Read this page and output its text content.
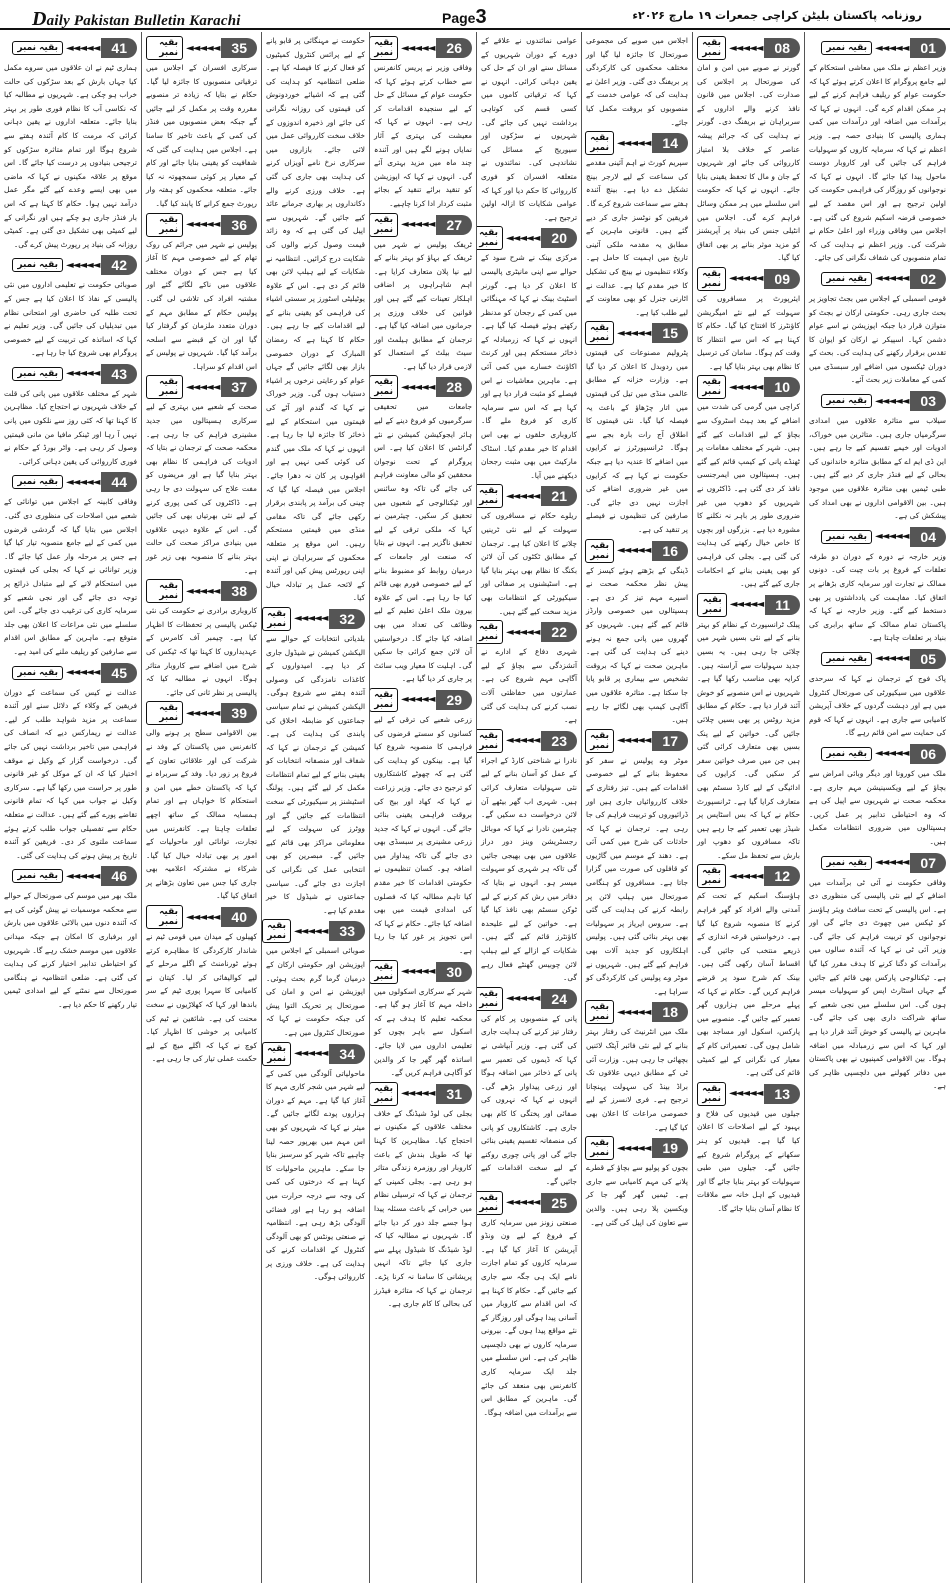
Daily Pakistan Bulletin Karachi	Page3	روزنامہ پاکستان بلیٹن کراچی جمعرات ۱۹ مارچ ۲۰۲۶ء
بقیہ نمبر ◄◄◄◄◄ 41

ہماری ٹیم نے ان علاقوں میں سروے مکمل کیا جہاں بارش کے بعد سڑکوں کی حالت خراب ہو چکی ہے۔ شہریوں نے مطالبہ کیا کہ نکاسی آب کا نظام فوری طور پر بہتر بنایا جائے۔ متعلقہ اداروں نے یقین دہانی کرائی کہ مرمت کا کام آئندہ ہفتے سے شروع ہوگا اور تمام متاثرہ سڑکوں کو ترجیحی بنیادوں پر درست کیا جائے گا۔ اس موقع پر علاقہ مکینوں نے کہا کہ ماضی میں بھی ایسے وعدے کیے گئے مگر عمل درآمد نہیں ہوا۔ حکام کا کہنا ہے کہ اس بار فنڈز جاری ہو چکے ہیں اور نگرانی کے لیے کمیٹی بھی تشکیل دی گئی ہے۔ کمیٹی روزانہ کی بنیاد پر رپورٹ پیش کرے گی۔

بقیہ نمبر ◄◄◄◄◄ 42

صوبائی حکومت نے تعلیمی اداروں میں نئی پالیسی کے نفاذ کا اعلان کیا ہے جس کے تحت طلبہ کی حاضری اور امتحانی نظام میں تبدیلیاں کی جائیں گی۔ وزیر تعلیم نے کہا کہ اساتذہ کی تربیت کے لیے خصوصی پروگرام بھی شروع کیا جا رہا ہے۔

بقیہ نمبر ◄◄◄◄◄ 43

شہر کے مختلف علاقوں میں پانی کی قلت کے خلاف شہریوں نے احتجاج کیا۔ مظاہرین کا کہنا تھا کہ کئی روز سے نلکوں میں پانی نہیں آ رہا اور ٹینکر مافیا من مانی قیمتیں وصول کر رہی ہے۔ واٹر بورڈ کے حکام نے فوری کارروائی کی یقین دہانی کرائی۔

بقیہ نمبر ◄◄◄◄◄ 44

وفاقی کابینہ کے اجلاس میں توانائی کے شعبے میں اصلاحات کی منظوری دی گئی۔ اجلاس میں بتایا گیا کہ گردشی قرضوں میں کمی کے لیے جامع منصوبہ تیار کیا گیا ہے جس پر مرحلہ وار عمل کیا جائے گا۔ وزیر توانائی نے کہا کہ بجلی کی قیمتوں میں استحکام لانے کے لیے متبادل ذرائع پر توجہ دی جائے گی اور نجی شعبے کو سرمایہ کاری کی ترغیب دی جائے گی۔ اس سلسلے میں نئی مراعات کا اعلان بھی جلد متوقع ہے۔ ماہرین کے مطابق اس اقدام سے صارفین کو ریلیف ملنے کی امید ہے۔

بقیہ نمبر ◄◄◄◄◄ 45

عدالت نے کیس کی سماعت کے دوران فریقین کے وکلاء کے دلائل سنے اور آئندہ سماعت پر مزید شواہد طلب کر لیے۔ عدالت نے ریمارکس دیے کہ انصاف کی فراہمی میں تاخیر برداشت نہیں کی جائے گی۔ درخواست گزار کے وکیل نے موقف اختیار کیا کہ ان کے موکل کو غیر قانونی طور پر حراست میں رکھا گیا ہے۔ سرکاری وکیل نے جواب میں کہا کہ تمام قانونی تقاضے پورے کیے گئے ہیں۔ عدالت نے متعلقہ حکام سے تفصیلی جواب طلب کرتے ہوئے سماعت ملتوی کر دی۔ فریقین کو آئندہ تاریخ پر پیش ہونے کی ہدایت کی گئی۔

بقیہ نمبر ◄◄◄◄◄ 46

ملک بھر میں موسم کی صورتحال کے حوالے سے محکمہ موسمیات نے پیش گوئی کی ہے کہ آئندہ دنوں میں بالائی علاقوں میں بارش اور برفباری کا امکان ہے جبکہ میدانی علاقوں میں موسم خشک رہے گا۔ شہریوں کو احتیاطی تدابیر اختیار کرنے کی ہدایت کی گئی ہے۔ ضلعی انتظامیہ نے ہنگامی صورتحال سے نمٹنے کے لیے امدادی ٹیمیں تیار رکھنے کا حکم دیا ہے۔

بقیہ نمبر ◄◄◄◄◄ 35

سرکاری افسران کے اجلاس میں ترقیاتی منصوبوں کا جائزہ لیا گیا۔ حکام نے بتایا کہ زیادہ تر منصوبے مقررہ وقت پر مکمل کر لیے جائیں گے جبکہ بعض منصوبوں میں فنڈز کی کمی کے باعث تاخیر کا سامنا ہے۔ اجلاس میں ہدایت کی گئی کہ شفافیت کو یقینی بنایا جائے اور کام کے معیار پر کوئی سمجھوتہ نہ کیا جائے۔ متعلقہ محکموں کو ہفتہ وار رپورٹ جمع کرانے کا پابند کیا گیا۔

بقیہ نمبر ◄◄◄◄◄ 36

پولیس نے شہر میں جرائم کی روک تھام کے لیے خصوصی مہم کا آغاز کیا ہے جس کے دوران مختلف علاقوں میں ناکے لگائے گئے اور مشتبہ افراد کی تلاشی لی گئی۔ پولیس حکام کے مطابق مہم کے دوران متعدد ملزمان کو گرفتار کیا گیا اور ان کے قبضے سے اسلحہ برآمد کیا گیا۔ شہریوں نے پولیس کے اس اقدام کو سراہا۔

بقیہ نمبر ◄◄◄◄◄ 37

صحت کے شعبے میں بہتری کے لیے سرکاری ہسپتالوں میں جدید مشینری فراہم کی جا رہی ہے۔ محکمہ صحت کے ترجمان نے بتایا کہ ادویات کی فراہمی کا نظام بھی بہتر بنایا گیا ہے اور مریضوں کو مفت علاج کی سہولت دی جا رہی ہے۔ ڈاکٹروں کی کمی پوری کرنے کے لیے نئی بھرتیاں بھی کی جائیں گی۔ اس کے علاوہ دیہی علاقوں میں بنیادی مراکز صحت کی حالت بہتر بنانے کا منصوبہ بھی زیر غور ہے۔

بقیہ نمبر ◄◄◄◄◄ 38

کاروباری برادری نے حکومت کی نئی ٹیکس پالیسی پر تحفظات کا اظہار کیا ہے۔ چیمبر آف کامرس کے عہدیداروں کا کہنا تھا کہ ٹیکس کی شرح میں اضافے سے کاروبار متاثر ہوگا۔ انہوں نے مطالبہ کیا کہ پالیسی پر نظر ثانی کی جائے۔

بقیہ نمبر ◄◄◄◄◄ 39

بین الاقوامی سطح پر ہونے والی کانفرنس میں پاکستان کے وفد نے شرکت کی اور علاقائی تعاون کے فروغ پر زور دیا۔ وفد کے سربراہ نے کہا کہ پاکستان خطے میں امن و استحکام کا خواہاں ہے اور تمام ہمسایہ ممالک کے ساتھ اچھے تعلقات چاہتا ہے۔ کانفرنس میں تجارت، توانائی اور ماحولیات کے امور پر بھی تبادلہ خیال کیا گیا۔ شرکاء نے مشترکہ اعلامیہ بھی جاری کیا جس میں تعاون بڑھانے پر اتفاق کیا گیا۔

بقیہ نمبر ◄◄◄◄◄ 40

کھیلوں کے میدان میں قومی ٹیم نے شاندار کارکردگی کا مظاہرہ کرتے ہوئے ٹورنامنٹ کے اگلے مرحلے کے لیے کوالیفائی کر لیا۔ کپتان نے کامیابی کا سہرا پوری ٹیم کے سر باندھا اور کہا کہ کھلاڑیوں نے سخت محنت کی ہے۔ شائقین نے ٹیم کی کامیابی پر خوشی کا اظہار کیا۔ کوچ نے کہا کہ اگلے میچ کے لیے حکمت عملی تیار کی جا رہی ہے۔

حکومت نے مہنگائی پر قابو پانے کے لیے پرائس کنٹرول کمیٹیوں کو فعال کرنے کا فیصلہ کیا ہے۔ ضلعی انتظامیہ کو ہدایت کی گئی ہے کہ اشیائے خوردونوش کی قیمتوں کی روزانہ نگرانی کی جائے اور ذخیرہ اندوزوں کے خلاف سخت کارروائی عمل میں لائی جائے۔ بازاروں میں سرکاری نرخ نامے آویزاں کرنے کی ہدایت بھی جاری کی گئی ہے۔ خلاف ورزی کرنے والے دکانداروں پر بھاری جرمانے عائد کیے جائیں گے۔ شہریوں سے اپیل کی گئی ہے کہ وہ زائد قیمت وصول کرنے والوں کی شکایت درج کرائیں۔ انتظامیہ نے شکایات کے لیے ہیلپ لائن بھی قائم کر دی ہے۔ اس کے علاوہ یوٹیلیٹی اسٹورز پر سستی اشیاء کی فراہمی کو یقینی بنانے کے لیے اقدامات کیے جا رہے ہیں۔ حکام کا کہنا ہے کہ رمضان المبارک کے دوران خصوصی بازار بھی لگائے جائیں گے جہاں عوام کو رعایتی نرخوں پر اشیاء دستیاب ہوں گی۔ وزیر خوراک نے کہا کہ گندم اور آٹے کی قیمتوں میں استحکام کے لیے ذخائر کا جائزہ لیا جا رہا ہے۔ انہوں نے کہا کہ ملک میں گندم کی کوئی کمی نہیں ہے اور افواہوں پر کان نہ دھرا جائے۔ اجلاس میں فیصلہ کیا گیا کہ چینی کی برآمد پر پابندی برقرار رکھی جائے گی تاکہ مقامی منڈی میں قیمتیں مستحکم رہیں۔ اس موقع پر متعلقہ محکموں کے سربراہان نے اپنی اپنی رپورٹس پیش کیں اور آئندہ کے لائحہ عمل پر تبادلہ خیال کیا۔

بقیہ نمبر ◄◄◄◄◄ 32

بلدیاتی انتخابات کے حوالے سے الیکشن کمیشن نے شیڈول جاری کر دیا ہے۔ امیدواروں کے کاغذات نامزدگی کی وصولی آئندہ ہفتے سے شروع ہوگی۔ الیکشن کمیشن نے تمام سیاسی جماعتوں کو ضابطہ اخلاق کی پابندی کی ہدایت کی ہے۔ کمیشن کے ترجمان نے کہا کہ شفاف اور منصفانہ انتخابات کو یقینی بنانے کے لیے تمام انتظامات مکمل کر لیے گئے ہیں۔ پولنگ اسٹیشنز پر سیکیورٹی کے سخت انتظامات کیے جائیں گے اور ووٹرز کی سہولت کے لیے معلوماتی مراکز بھی قائم کیے جائیں گے۔ مبصرین کو بھی انتخابی عمل کی نگرانی کی اجازت دی جائے گی۔ سیاسی جماعتوں نے شیڈول کا خیر مقدم کیا ہے۔

بقیہ نمبر ◄◄◄◄◄ 33

صوبائی اسمبلی کے اجلاس میں اپوزیشن اور حکومتی ارکان کے درمیان گرما گرم بحث ہوئی۔ اپوزیشن نے امن و امان کی صورتحال پر تحریک التوا پیش کی جبکہ حکومت نے کہا کہ صورتحال کنٹرول میں ہے۔

بقیہ نمبر ◄◄◄◄◄ 34

ماحولیاتی آلودگی میں کمی کے لیے شہر میں شجر کاری مہم کا آغاز کیا گیا ہے۔ مہم کے دوران ہزاروں پودے لگائے جائیں گے۔ میئر نے کہا کہ شہریوں کو بھی اس مہم میں بھرپور حصہ لینا چاہیے تاکہ شہر کو سرسبز بنایا جا سکے۔ ماہرین ماحولیات کا کہنا ہے کہ درختوں کی کمی کی وجہ سے درجہ حرارت میں اضافہ ہو رہا ہے اور فضائی آلودگی بڑھ رہی ہے۔ انتظامیہ نے صنعتی یونٹس کو بھی آلودگی کنٹرول کے اقدامات کرنے کی ہدایت کی ہے۔ خلاف ورزی پر کارروائی ہوگی۔

بقیہ نمبر ◄◄◄◄◄ 26

وفاقی وزیر نے پریس کانفرنس سے خطاب کرتے ہوئے کہا کہ حکومت عوام کے مسائل کے حل کے لیے سنجیدہ اقدامات کر رہی ہے۔ انہوں نے کہا کہ معیشت کی بہتری کے آثار نمایاں ہونے لگے ہیں اور آئندہ چند ماہ میں مزید بہتری آئے گی۔ انہوں نے کہا کہ اپوزیشن کو تنقید برائے تنقید کے بجائے مثبت کردار ادا کرنا چاہیے۔

بقیہ نمبر ◄◄◄◄◄ 27

ٹریفک پولیس نے شہر میں ٹریفک کے بہاؤ کو بہتر بنانے کے لیے نیا پلان متعارف کرایا ہے۔ اہم شاہراہوں پر اضافی اہلکار تعینات کیے گئے ہیں اور قوانین کی خلاف ورزی پر جرمانوں میں اضافہ کیا گیا ہے۔ ترجمان کے مطابق ہیلمٹ اور سیٹ بیلٹ کے استعمال کو لازمی قرار دیا گیا ہے۔

بقیہ نمبر ◄◄◄◄◄ 28

جامعات میں تحقیقی سرگرمیوں کو فروغ دینے کے لیے ہائر ایجوکیشن کمیشن نے نئے گرانٹس کا اعلان کیا ہے۔ اس پروگرام کے تحت نوجوان محققین کو مالی معاونت فراہم کی جائے گی تاکہ وہ سائنس اور ٹیکنالوجی کے شعبوں میں تحقیق کر سکیں۔ چیئرمین نے کہا کہ ملکی ترقی کے لیے تحقیق ناگزیر ہے۔ انہوں نے بتایا کہ صنعت اور جامعات کے درمیان روابط کو مضبوط بنانے کے لیے خصوصی فورم بھی قائم کیا جا رہا ہے۔ اس کے علاوہ بیرون ملک اعلیٰ تعلیم کے لیے وظائف کی تعداد میں بھی اضافہ کیا جائے گا۔ درخواستیں آن لائن جمع کرائی جا سکیں گی۔ اہلیت کا معیار ویب سائٹ پر جاری کر دیا گیا ہے۔

بقیہ نمبر ◄◄◄◄◄ 29

زرعی شعبے کی ترقی کے لیے کسانوں کو سستے قرضوں کی فراہمی کا منصوبہ شروع کیا گیا ہے۔ بینکوں کو ہدایت کی گئی ہے کہ چھوٹے کاشتکاروں کو ترجیح دی جائے۔ وزیر زراعت نے کہا کہ کھاد اور بیج کی بروقت فراہمی یقینی بنائی جائے گی۔ انہوں نے کہا کہ جدید زرعی مشینری پر سبسڈی بھی دی جائے گی تاکہ پیداوار میں اضافہ ہو۔ کسان تنظیموں نے حکومتی اقدامات کا خیر مقدم کیا تاہم مطالبہ کیا کہ فصلوں کی امدادی قیمت میں بھی اضافہ کیا جائے۔ حکام نے کہا کہ اس تجویز پر غور کیا جا رہا ہے۔

بقیہ نمبر ◄◄◄◄◄ 30

شہر کے سرکاری اسکولوں میں داخلہ مہم کا آغاز ہو گیا ہے۔ محکمہ تعلیم کا ہدف ہے کہ اسکول سے باہر بچوں کو تعلیمی اداروں میں لایا جائے۔ اساتذہ گھر گھر جا کر والدین کو آگاہی فراہم کریں گے۔

بقیہ نمبر ◄◄◄◄◄ 31

بجلی کی لوڈ شیڈنگ کے خلاف مختلف علاقوں کے مکینوں نے احتجاج کیا۔ مظاہرین کا کہنا تھا کہ طویل بندش کے باعث کاروبار اور روزمرہ زندگی متاثر ہو رہی ہے۔ بجلی کمپنی کے ترجمان نے کہا کہ ترسیلی نظام میں خرابی کے باعث مسئلہ پیدا ہوا جسے جلد دور کر دیا جائے گا۔ شہریوں نے مطالبہ کیا کہ لوڈ شیڈنگ کا شیڈول پہلے سے جاری کیا جائے تاکہ انہیں پریشانی کا سامنا نہ کرنا پڑے۔ ترجمان نے کہا کہ متاثرہ فیڈرز کی بحالی کا کام جاری ہے۔

عوامی نمائندوں نے علاقے کے دورے کے دوران شہریوں کے مسائل سنے اور ان کے حل کی یقین دہانی کرائی۔ انہوں نے کہا کہ ترقیاتی کاموں میں کسی قسم کی کوتاہی برداشت نہیں کی جائے گی۔ شہریوں نے سڑکوں اور سیوریج کے مسائل کی نشاندہی کی۔ نمائندوں نے متعلقہ افسران کو فوری کارروائی کا حکم دیا اور کہا کہ عوامی شکایات کا ازالہ اولین ترجیح ہے۔

بقیہ نمبر ◄◄◄◄◄ 20

مرکزی بینک نے شرح سود کے حوالے سے اپنی مانیٹری پالیسی کا اعلان کر دیا ہے۔ گورنر اسٹیٹ بینک نے کہا کہ مہنگائی میں کمی کے رجحان کو مدنظر رکھتے ہوئے فیصلہ کیا گیا ہے۔ انہوں نے کہا کہ زرمبادلہ کے ذخائر مستحکم ہیں اور کرنٹ اکاؤنٹ خسارے میں کمی آئی ہے۔ ماہرین معاشیات نے اس فیصلے کو مثبت قرار دیا ہے اور کہا ہے کہ اس سے سرمایہ کاری کو فروغ ملے گا۔ کاروباری حلقوں نے بھی اس اقدام کا خیر مقدم کیا۔ اسٹاک مارکیٹ میں بھی مثبت رجحان دیکھنے میں آیا۔

بقیہ نمبر ◄◄◄◄◄ 21

ریلوے حکام نے مسافروں کی سہولت کے لیے نئی ٹرینیں چلانے کا اعلان کیا ہے۔ ترجمان کے مطابق ٹکٹوں کی آن لائن بکنگ کا نظام بھی بہتر بنایا گیا ہے۔ اسٹیشنوں پر صفائی اور سیکیورٹی کے انتظامات بھی مزید سخت کیے گئے ہیں۔

بقیہ نمبر ◄◄◄◄◄ 22

شہری دفاع کے ادارے نے آتشزدگی سے بچاؤ کے لیے آگاہی مہم شروع کی ہے۔ عمارتوں میں حفاظتی آلات نصب کرنے کی ہدایت کی گئی ہے۔

بقیہ نمبر ◄◄◄◄◄ 23

نادرا نے شناختی کارڈ کے اجراء کے عمل کو آسان بنانے کے لیے نئی سہولیات متعارف کرائی ہیں۔ شہری اب گھر بیٹھے آن لائن درخواست دے سکیں گے۔ چیئرمین نادرا نے کہا کہ موبائل رجسٹریشن وینز دور دراز علاقوں میں بھی بھیجی جائیں گی تاکہ ہر شہری کو سہولت میسر ہو۔ انہوں نے بتایا کہ دفاتر میں رش کم کرنے کے لیے ٹوکن سسٹم بھی نافذ کیا گیا ہے۔ خواتین کے لیے علیحدہ کاؤنٹرز قائم کیے گئے ہیں۔ شکایات کے ازالے کے لیے ہیلپ لائن چوبیس گھنٹے فعال رہے گی۔

بقیہ نمبر ◄◄◄◄◄ 24

پانی کے منصوبوں پر کام کی رفتار تیز کرنے کی ہدایت جاری کی گئی ہے۔ وزیر آبپاشی نے کہا کہ ڈیموں کی تعمیر سے پانی کے ذخائر میں اضافہ ہوگا اور زرعی پیداوار بڑھے گی۔ انہوں نے کہا کہ نہروں کی صفائی اور پختگی کا کام بھی جاری ہے۔ کاشتکاروں کو پانی کی منصفانہ تقسیم یقینی بنائی جائے گی اور پانی چوری روکنے کے لیے سخت اقدامات کیے جائیں گے۔

بقیہ نمبر ◄◄◄◄◄ 25

صنعتی زونز میں سرمایہ کاری کے فروغ کے لیے ون ونڈو آپریشن کا آغاز کیا گیا ہے۔ سرمایہ کاروں کو تمام اجازت نامے ایک ہی جگہ سے جاری کیے جائیں گے۔ حکام کا کہنا ہے کہ اس اقدام سے کاروبار میں آسانی پیدا ہوگی اور روزگار کے نئے مواقع پیدا ہوں گے۔ بیرونی سرمایہ کاروں نے بھی دلچسپی ظاہر کی ہے۔ اس سلسلے میں جلد ایک سرمایہ کاری کانفرنس بھی منعقد کی جائے گی۔ ماہرین کے مطابق اس سے برآمدات میں اضافہ ہوگا۔

اجلاس میں صوبے کی مجموعی صورتحال کا جائزہ لیا گیا اور مختلف محکموں کی کارکردگی پر بریفنگ دی گئی۔ وزیر اعلیٰ نے ہدایت کی کہ عوامی خدمت کے منصوبوں کو بروقت مکمل کیا جائے۔

بقیہ نمبر ◄◄◄◄◄ 14

سپریم کورٹ نے اہم آئینی مقدمے کی سماعت کے لیے لارجر بینچ تشکیل دے دیا ہے۔ بینچ آئندہ ہفتے سے سماعت شروع کرے گا۔ فریقین کو نوٹسز جاری کر دیے گئے ہیں۔ قانونی ماہرین کے مطابق یہ مقدمہ ملکی آئینی تاریخ میں اہمیت کا حامل ہے۔ وکلاء تنظیموں نے بینچ کی تشکیل کا خیر مقدم کیا ہے۔ عدالت نے اٹارنی جنرل کو بھی معاونت کے لیے طلب کیا ہے۔

بقیہ نمبر ◄◄◄◄◄ 15

پٹرولیم مصنوعات کی قیمتوں میں ردوبدل کا اعلان کر دیا گیا ہے۔ وزارت خزانہ کے مطابق عالمی منڈی میں تیل کی قیمتوں میں اتار چڑھاؤ کے باعث یہ فیصلہ کیا گیا۔ نئی قیمتوں کا اطلاق آج رات بارہ بجے سے ہوگا۔ ٹرانسپورٹرز نے کرایوں میں اضافے کا عندیہ دیا ہے جبکہ حکومت نے کہا ہے کہ کرایوں میں غیر ضروری اضافے کی اجازت نہیں دی جائے گی۔ صارفین کی تنظیموں نے فیصلے پر تنقید کی ہے۔

بقیہ نمبر ◄◄◄◄◄ 16

ڈینگی کے بڑھتے ہوئے کیسز کے پیش نظر محکمہ صحت نے اسپرے مہم تیز کر دی ہے۔ ہسپتالوں میں خصوصی وارڈز قائم کیے گئے ہیں۔ شہریوں کو گھروں میں پانی جمع نہ ہونے دینے کی ہدایت کی گئی ہے۔ ماہرین صحت نے کہا کہ بروقت تشخیص سے بیماری پر قابو پایا جا سکتا ہے۔ متاثرہ علاقوں میں آگاہی کیمپ بھی لگائے جا رہے ہیں۔

بقیہ نمبر ◄◄◄◄◄ 17

موٹر وے پولیس نے سفر کو محفوظ بنانے کے لیے خصوصی اقدامات کیے ہیں۔ تیز رفتاری کے خلاف کارروائیاں جاری ہیں اور ڈرائیوروں کو تربیت فراہم کی جا رہی ہے۔ ترجمان نے کہا کہ حادثات کی شرح میں کمی آئی ہے۔ دھند کے موسم میں گاڑیوں کو قافلوں کی صورت میں گزارا جاتا ہے۔ مسافروں کو ہنگامی صورتحال میں ہیلپ لائن پر رابطہ کرنے کی ہدایت کی گئی ہے۔ سروس ایریاز پر سہولیات بھی بہتر بنائی گئی ہیں۔ پولیس اہلکاروں کو جدید آلات بھی فراہم کیے گئے ہیں۔ شہریوں نے موٹر وے پولیس کی کارکردگی کو سراہا ہے۔

بقیہ نمبر ◄◄◄◄◄ 18

ملک میں انٹرنیٹ کی رفتار بہتر بنانے کے لیے نئی فائبر آپٹک لائنیں بچھائی جا رہی ہیں۔ وزارت آئی ٹی کے مطابق دیہی علاقوں تک براڈ بینڈ کی سہولت پہنچانا ترجیح ہے۔ فری لانسرز کے لیے خصوصی مراعات کا اعلان بھی کیا گیا ہے۔

بقیہ نمبر ◄◄◄◄◄ 19

بچوں کو پولیو سے بچاؤ کے قطرے پلانے کی مہم کامیابی سے جاری ہے۔ ٹیمیں گھر گھر جا کر ویکسین پلا رہی ہیں۔ والدین سے تعاون کی اپیل کی گئی ہے۔

بقیہ نمبر ◄◄◄◄◄ 08

گورنر نے صوبے میں امن و امان کی صورتحال پر اجلاس کی صدارت کی۔ اجلاس میں قانون نافذ کرنے والے اداروں کے سربراہان نے بریفنگ دی۔ گورنر نے ہدایت کی کہ جرائم پیشہ عناصر کے خلاف بلا امتیاز کارروائی کی جائے اور شہریوں کے جان و مال کا تحفظ یقینی بنایا جائے۔ انہوں نے کہا کہ حکومت اس سلسلے میں ہر ممکن وسائل فراہم کرے گی۔ اجلاس میں انٹیلی جنس کی بنیاد پر آپریشنز کو مزید موثر بنانے پر بھی اتفاق کیا گیا۔

بقیہ نمبر ◄◄◄◄◄ 09

ایئرپورٹ پر مسافروں کی سہولت کے لیے نئے امیگریشن کاؤنٹرز کا افتتاح کیا گیا۔ حکام کا کہنا ہے کہ اس سے انتظار کا وقت کم ہوگا۔ سامان کی ترسیل کا نظام بھی بہتر بنایا گیا ہے۔

بقیہ نمبر ◄◄◄◄◄ 10

کراچی میں گرمی کی شدت میں اضافے کے بعد ہیٹ اسٹروک سے بچاؤ کے لیے اقدامات کیے گئے ہیں۔ شہر کے مختلف مقامات پر ٹھنڈے پانی کے کیمپ قائم کیے گئے ہیں۔ ہسپتالوں میں ایمرجنسی نافذ کر دی گئی ہے۔ ڈاکٹروں نے شہریوں کو دھوپ میں غیر ضروری طور پر باہر نہ نکلنے کا مشورہ دیا ہے۔ بزرگوں اور بچوں کا خاص خیال رکھنے کی ہدایت کی گئی ہے۔ بجلی کی فراہمی کو بھی یقینی بنانے کے احکامات جاری کیے گئے ہیں۔

بقیہ نمبر ◄◄◄◄◄ 11

پبلک ٹرانسپورٹ کے نظام کو بہتر بنانے کے لیے نئی بسیں شہر میں چلائی جا رہی ہیں۔ یہ بسیں جدید سہولیات سے آراستہ ہیں۔ کرایہ بھی مناسب رکھا گیا ہے۔ شہریوں نے اس منصوبے کو خوش آئند قرار دیا ہے۔ حکام کے مطابق مزید روٹس پر بھی بسیں چلائی جائیں گی۔ خواتین کے لیے پنک بسیں بھی متعارف کرائی گئی ہیں جن میں صرف خواتین سفر کر سکیں گی۔ کرایوں کی ادائیگی کے لیے کارڈ سسٹم بھی متعارف کرایا گیا ہے۔ ٹرانسپورٹ حکام نے کہا کہ بس اسٹاپس پر شیڈز بھی تعمیر کیے جا رہے ہیں تاکہ مسافروں کو دھوپ اور بارش سے تحفظ مل سکے۔

بقیہ نمبر ◄◄◄◄◄ 12

ہاؤسنگ اسکیم کے تحت کم آمدنی والے افراد کو گھر فراہم کرنے کا منصوبہ شروع کیا گیا ہے۔ درخواستیں قرعہ اندازی کے ذریعے منتخب کی جائیں گی۔ اقساط آسان رکھی گئی ہیں۔ بینک کم شرح سود پر قرضے فراہم کریں گے۔ حکام نے کہا کہ پہلے مرحلے میں ہزاروں گھر تعمیر کیے جائیں گے۔ منصوبے میں پارکس، اسکول اور مساجد بھی شامل ہوں گی۔ تعمیراتی کام کے معیار کی نگرانی کے لیے کمیٹی قائم کی گئی ہے۔

بقیہ نمبر ◄◄◄◄◄ 13

جیلوں میں قیدیوں کی فلاح و بہبود کے لیے اصلاحات کا اعلان کیا گیا ہے۔ قیدیوں کو ہنر سکھانے کے پروگرام شروع کیے جائیں گے۔ جیلوں میں طبی سہولیات کو بہتر بنایا جائے گا اور قیدیوں کے اہل خانہ سے ملاقات کا نظام آسان بنایا جائے گا۔

بقیہ نمبر ◄◄◄◄◄ 01

وزیر اعظم نے ملک میں معاشی استحکام کے لیے جامع پروگرام کا اعلان کرتے ہوئے کہا کہ حکومت عوام کو ریلیف فراہم کرنے کے لیے ہر ممکن اقدام کرے گی۔ انہوں نے کہا کہ برآمدات میں اضافہ اور درآمدات میں کمی ہماری پالیسی کا بنیادی حصہ ہے۔ وزیر اعظم نے کہا کہ سرمایہ کاروں کو سہولیات فراہم کی جائیں گی اور کاروبار دوست ماحول پیدا کیا جائے گا۔ انہوں نے کہا کہ نوجوانوں کو روزگار کی فراہمی حکومت کی اولین ترجیح ہے اور اس مقصد کے لیے خصوصی قرضہ اسکیم شروع کی گئی ہے۔ اجلاس میں وفاقی وزراء اور اعلیٰ حکام نے شرکت کی۔ وزیر اعظم نے ہدایت کی کہ تمام منصوبوں کی شفاف نگرانی کی جائے۔

بقیہ نمبر ◄◄◄◄◄ 02

قومی اسمبلی کے اجلاس میں بجٹ تجاویز پر بحث جاری رہی۔ حکومتی ارکان نے بجٹ کو متوازن قرار دیا جبکہ اپوزیشن نے اسے عوام دشمن کہا۔ اسپیکر نے ارکان کو ایوان کا تقدس برقرار رکھنے کی ہدایت کی۔ بحث کے دوران ٹیکسوں میں اضافے اور سبسڈی میں کمی کے معاملات زیر بحث آئے۔

بقیہ نمبر ◄◄◄◄◄ 03

سیلاب سے متاثرہ علاقوں میں امدادی سرگرمیاں جاری ہیں۔ متاثرین میں خوراک، ادویات اور خیمے تقسیم کیے جا رہے ہیں۔ این ڈی ایم اے کے مطابق متاثرہ خاندانوں کی بحالی کے لیے فنڈز جاری کر دیے گئے ہیں۔ طبی ٹیمیں بھی متاثرہ علاقوں میں موجود ہیں۔ بین الاقوامی اداروں نے بھی امداد کی پیشکش کی ہے۔

بقیہ نمبر ◄◄◄◄◄ 04

وزیر خارجہ نے دورہ کے دوران دو طرفہ تعلقات کے فروغ پر بات چیت کی۔ دونوں ممالک نے تجارت اور سرمایہ کاری بڑھانے پر اتفاق کیا۔ مفاہمت کی یادداشتوں پر بھی دستخط کیے گئے۔ وزیر خارجہ نے کہا کہ پاکستان تمام ممالک کے ساتھ برابری کی بنیاد پر تعلقات چاہتا ہے۔

بقیہ نمبر ◄◄◄◄◄ 05

پاک فوج کے ترجمان نے کہا کہ سرحدی علاقوں میں سیکیورٹی کی صورتحال کنٹرول میں ہے اور دہشت گردوں کے خلاف آپریشن کامیابی سے جاری ہے۔ انہوں نے کہا کہ قوم کی حمایت سے امن قائم رہے گا۔

بقیہ نمبر ◄◄◄◄◄ 06

ملک میں کورونا اور دیگر وبائی امراض سے بچاؤ کے لیے ویکسینیشن مہم جاری ہے۔ محکمہ صحت نے شہریوں سے اپیل کی ہے کہ وہ احتیاطی تدابیر پر عمل کریں۔ ہسپتالوں میں ضروری انتظامات مکمل ہیں۔

بقیہ نمبر ◄◄◄◄◄ 07

وفاقی حکومت نے آئی ٹی برآمدات میں اضافے کے لیے نئی پالیسی کی منظوری دی ہے۔ اس پالیسی کے تحت سافٹ ویئر ہاؤسز کو ٹیکس میں چھوٹ دی جائے گی اور نوجوانوں کو تربیت فراہم کی جائے گی۔ وزیر آئی ٹی نے کہا کہ آئندہ سالوں میں برآمدات کو دگنا کرنے کا ہدف مقرر کیا گیا ہے۔ ٹیکنالوجی پارکس بھی قائم کیے جائیں گے جہاں اسٹارٹ اپس کو سہولیات میسر ہوں گی۔ اس سلسلے میں نجی شعبے کے ساتھ شراکت داری بھی کی جائے گی۔ ماہرین نے پالیسی کو خوش آئند قرار دیا ہے اور کہا کہ اس سے زرمبادلہ میں اضافہ ہوگا۔ بین الاقوامی کمپنیوں نے بھی پاکستان میں دفاتر کھولنے میں دلچسپی ظاہر کی ہے۔
